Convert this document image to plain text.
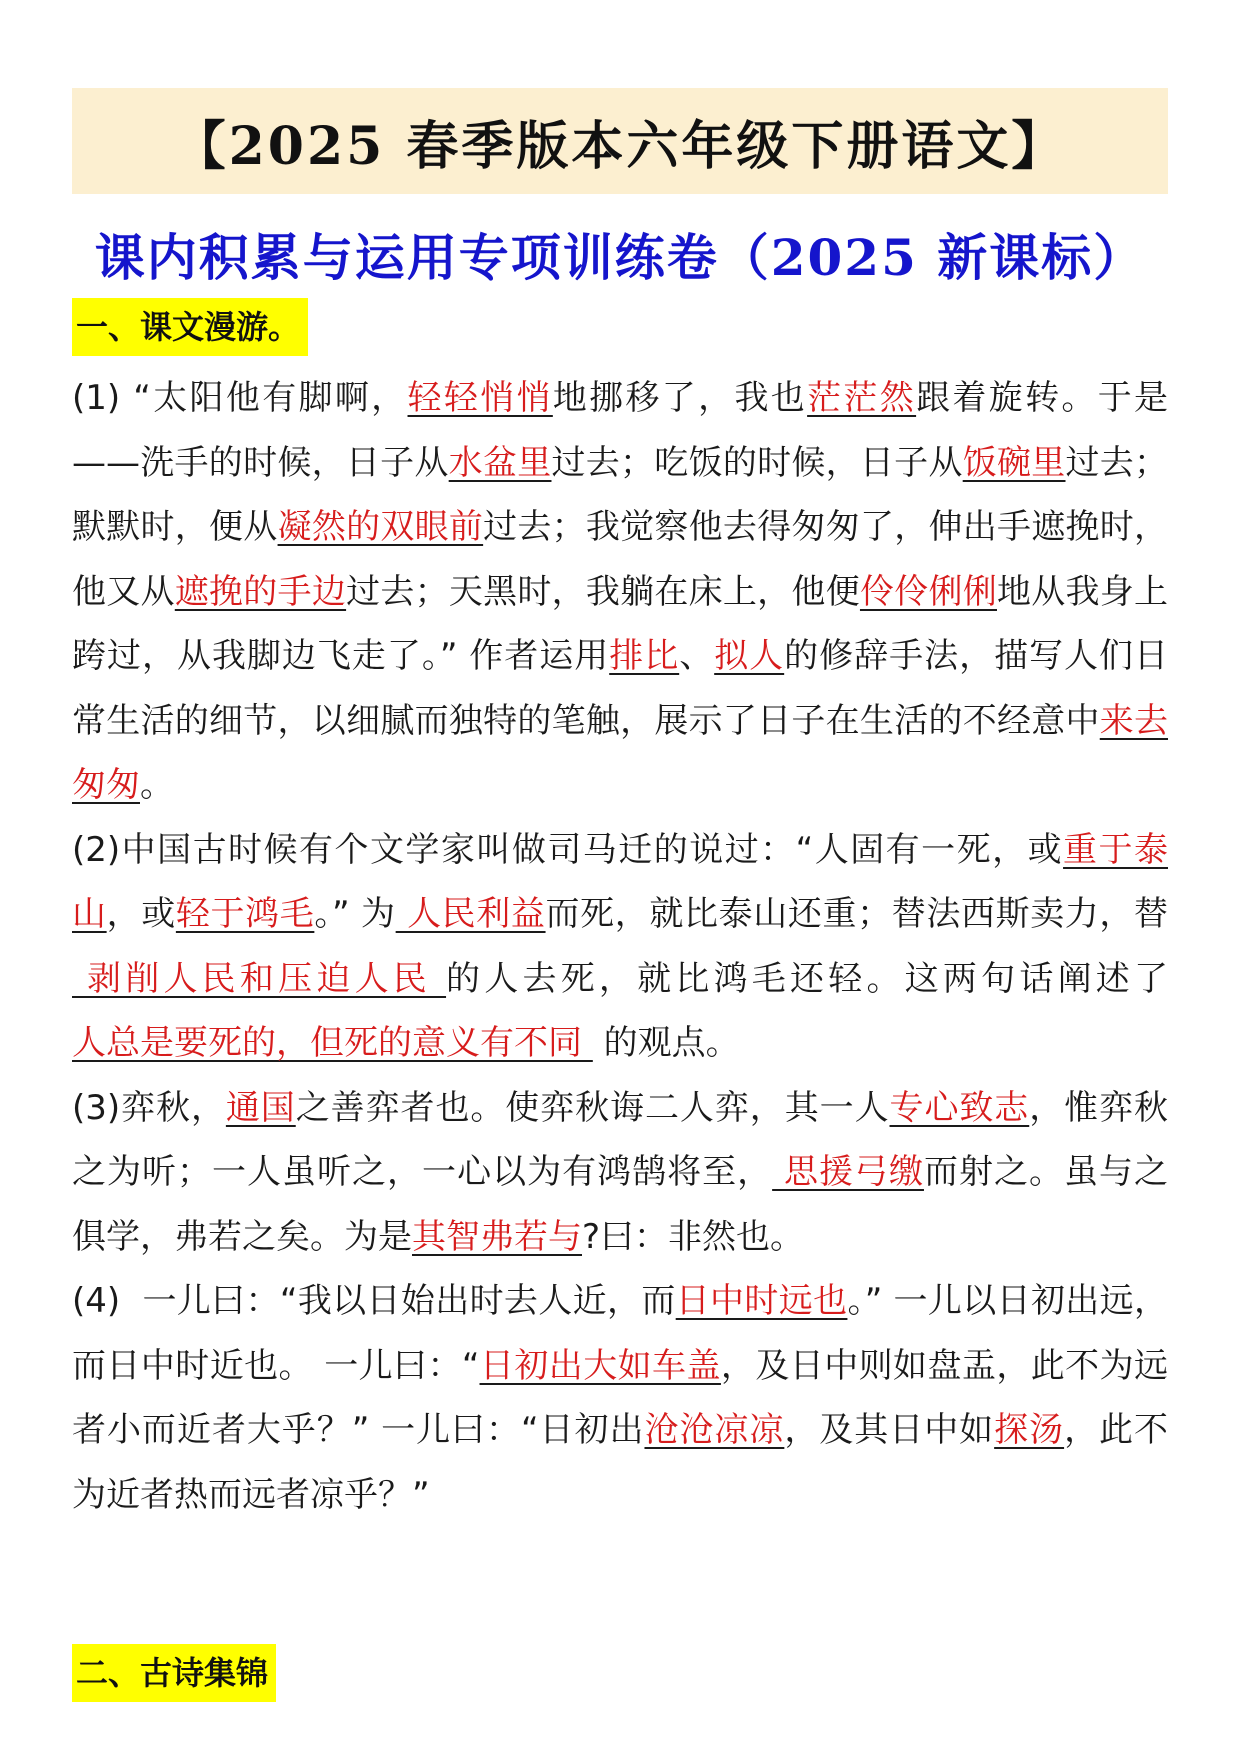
【2025 春季版本六年级下册语文】
课内积累与运用专项训练卷（2025 新课标）
一、课文漫游。

(1) “太阳他有脚啊，轻轻悄悄地挪移了，我也茫茫然跟着旋转。于是——洗手的时候，日子从水盆里过去；吃饭的时候，日子从饭碗里过去；默默时，便从凝然的双眼前过去；我觉察他去得匆匆了，伸出手遮挽时，他又从遮挽的手边过去；天黑时，我躺在床上，他便伶伶俐俐地从我身上跨过，从我脚边飞走了。” 作者运用排比、拟人的修辞手法，描写人们日常生活的细节，以细腻而独特的笔触，展示了日子在生活的不经意中来去匆匆。

(2)中国古时候有个文学家叫做司马迁的说过：“人固有一死，或重于泰山，或轻于鸿毛。” 为 人民利益而死，就比泰山还重；替法西斯卖力，替 剥削人民和压迫人民 的人去死，就比鸿毛还轻。这两句话阐述了人总是要死的，但死的意义有不同  的观点。

(3)弈秋，通国之善弈者也。使弈秋诲二人弈，其一人专心致志，惟弈秋之为听；一人虽听之，一心以为有鸿鹄将至， 思援弓缴而射之。虽与之俱学，弗若之矣。为是其智弗若与?曰：非然也。

(4)  一儿曰：“我以日始出时去人近，而日中时远也。” 一儿以日初出远，而日中时近也。 一儿曰：“日初出大如车盖，及日中则如盘盂，此不为远者小而近者大乎？” 一儿曰：“日初出沧沧凉凉，及其日中如探汤，此不为近者热而远者凉乎？”

二、古诗集锦
